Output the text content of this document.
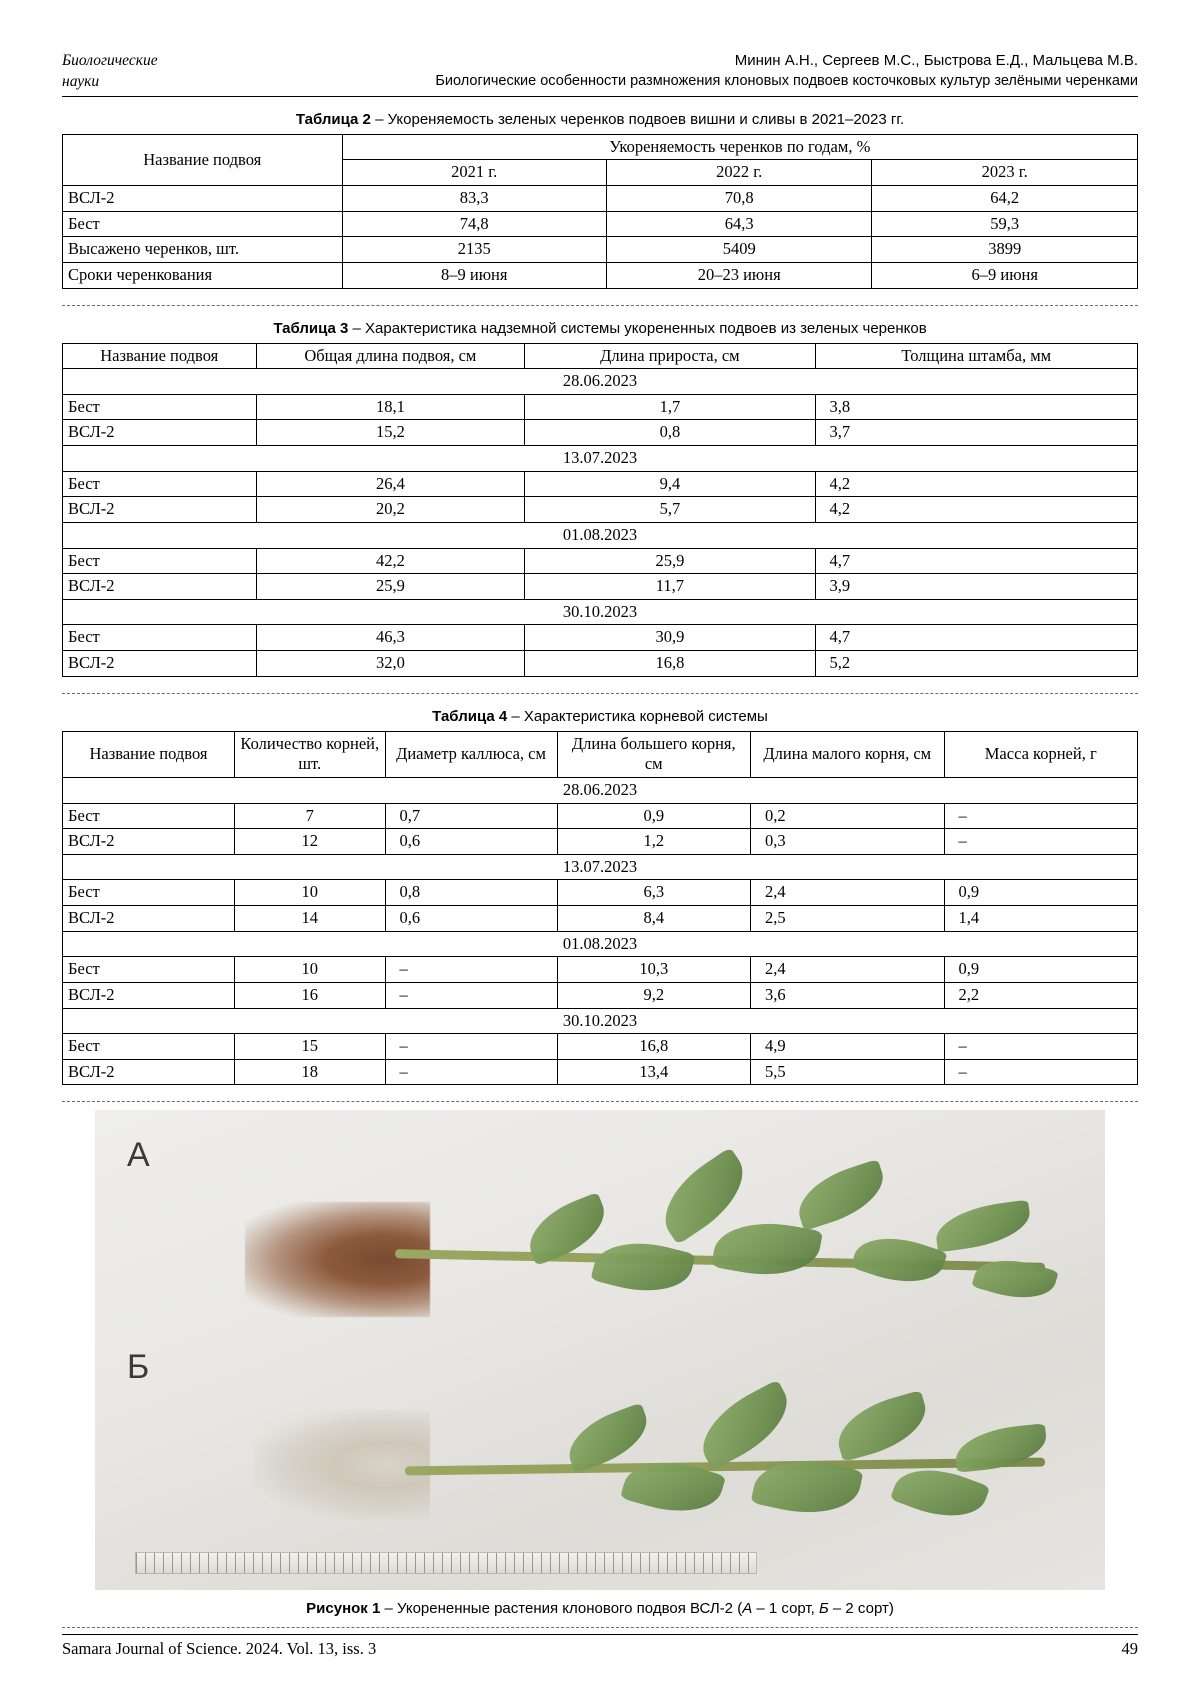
Биологические
науки
Минин А.Н., Сергеев М.С., Быстрова Е.Д., Мальцева М.В.
Биологические особенности размножения клоновых подвоев косточковых культур зелёными черенками
Таблица 2 – Укореняемость зеленых черенков подвоев вишни и сливы в 2021–2023 гг.
Название подвоя	Укореняемость черенков по годам, %		
	2021 г.	2022 г.	2023 г.
ВСЛ-2	83,3	70,8	64,2
Бест	74,8	64,3	59,3
Высажено черенков, шт.	2135	5409	3899
Сроки черенкования	8–9 июня	20–23 июня	6–9 июня
Таблица 3 – Характеристика надземной системы укорененных подвоев из зеленых черенков
Название подвоя	Общая длина подвоя, см	Длина прироста, см	Толщина штамба, мм
28.06.2023			
Бест	18,1	1,7	3,8
ВСЛ-2	15,2	0,8	3,7
13.07.2023			
Бест	26,4	9,4	4,2
ВСЛ-2	20,2	5,7	4,2
01.08.2023			
Бест	42,2	25,9	4,7
ВСЛ-2	25,9	11,7	3,9
30.10.2023			
Бест	46,3	30,9	4,7
ВСЛ-2	32,0	16,8	5,2
Таблица 4 – Характеристика корневой системы
Название подвоя	Количество корней, шт.	Диаметр каллюса, см	Длина большего корня, см	Длина малого корня, см	Масса корней, г
28.06.2023					
Бест	7	0,7	0,9	0,2	–
ВСЛ-2	12	0,6	1,2	0,3	–
13.07.2023					
Бест	10	0,8	6,3	2,4	0,9
ВСЛ-2	14	0,6	8,4	2,5	1,4
01.08.2023					
Бест	10	–	10,3	2,4	0,9
ВСЛ-2	16	–	9,2	3,6	2,2
30.10.2023					
Бест	15	–	16,8	4,9	–
ВСЛ-2	18	–	13,4	5,5	–
А
Б
Рисунок 1 – Укорененные растения клонового подвоя ВСЛ-2 (А – 1 сорт, Б – 2 сорт)
Samara Journal of Science. 2024. Vol. 13, iss. 3	49
